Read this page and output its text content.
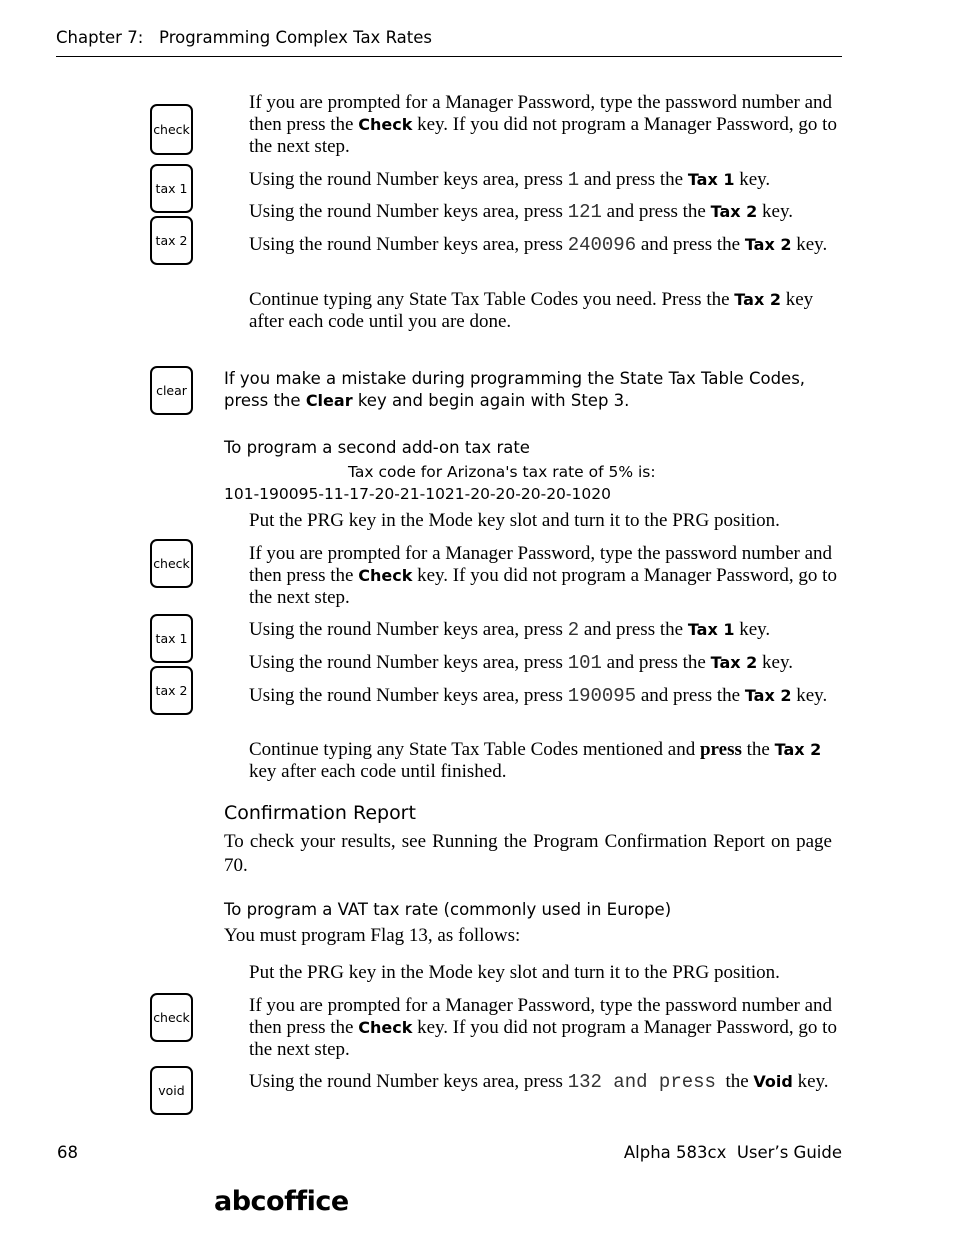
Chapter 7: Programming Complex Tax Rates
check
tax 1
tax 2
If you are prompted for a Manager Password, type the password number and then press the Check key. If you did not program a Manager Password, go to the next step.
Using the round Number keys area, press 1 and press the Tax 1 key.
Using the round Number keys area, press 121 and press the Tax 2 key.
Using the round Number keys area, press 240096 and press the Tax 2 key.
Continue typing any State Tax Table Codes you need. Press the Tax 2 key after each code until you are done.
clear
If you make a mistake during programming the State Tax Table Codes, press the Clear key and begin again with Step 3.
To program a second add-on tax rate
Tax code for Arizona's tax rate of 5% is:
101-190095-11-17-20-21-1021-20-20-20-20-1020
Put the PRG key in the Mode key slot and turn it to the PRG position.
check	If you are prompted for a Manager Password, type the password number and then press the Check key. If you did not program a Manager Password, go to the next step.
tax 1
tax 2
Using the round Number keys area, press 2 and press the Tax 1 key.
Using the round Number keys area, press 101 and press the Tax 2 key.
Using the round Number keys area, press 190095 and press the Tax 2 key.
Continue typing any State Tax Table Codes mentioned and press the Tax 2 key after each code until finished.
Confirmation Report
To check your results, see Running the Program Confirmation Report on page 70.
To program a VAT tax rate (commonly used in Europe)
You must program Flag 13, as follows:
Put the PRG key in the Mode key slot and turn it to the PRG position.
check
If you are prompted for a Manager Password, type the password number and then press the Check key. If you did not program a Manager Password, go to the next step.
void	Using the round Number keys area, press 132 and press  the Void key.
68	Alpha 583cx  User’s Guide
abcoffice
